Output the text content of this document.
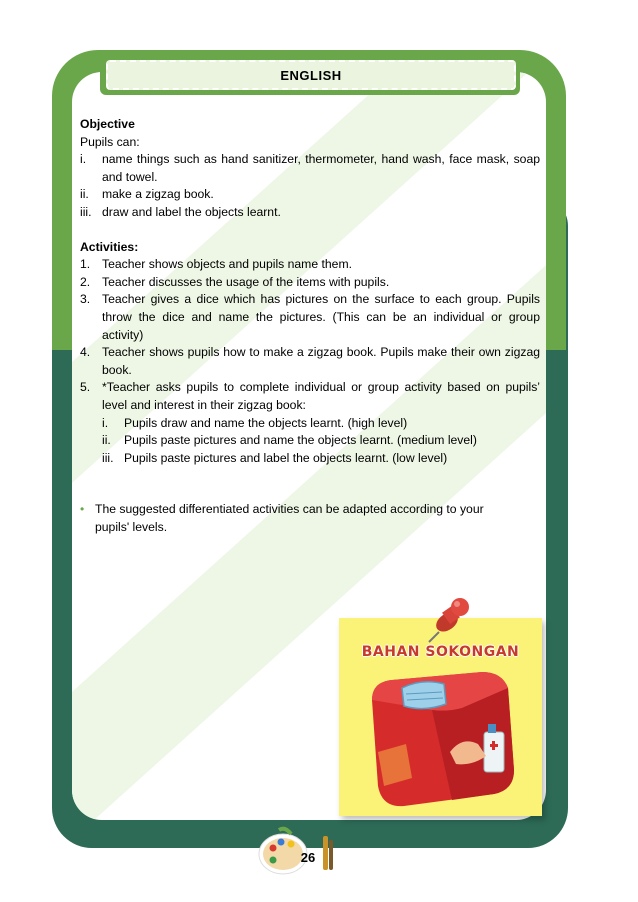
ENGLISH
Objective
Pupils can:
i.	name things such as hand sanitizer, thermometer, hand wash, face mask, soap and towel.
ii.	make a zigzag book.
iii. draw and label the objects learnt.
Activities:
1. Teacher shows objects and pupils name them.
2. Teacher discusses the usage of the items with pupils.
3. Teacher gives a dice which has pictures on the surface to each group. Pupils throw the dice and name the pictures. (This can be an individual or group activity)
4. Teacher shows pupils how to make a zigzag book. Pupils make their own zigzag book.
5. *Teacher asks pupils to complete individual or group activity based on pupils’ level and interest in their zigzag book:
i.	Pupils draw and name the objects learnt. (high level)
ii.	Pupils paste pictures and name the objects learnt. (medium level)
iii. Pupils paste pictures and label the objects learnt. (low level)
• The suggested differentiated activities can be adapted according to your pupils' levels.
BAHAN SOKONGAN
26
